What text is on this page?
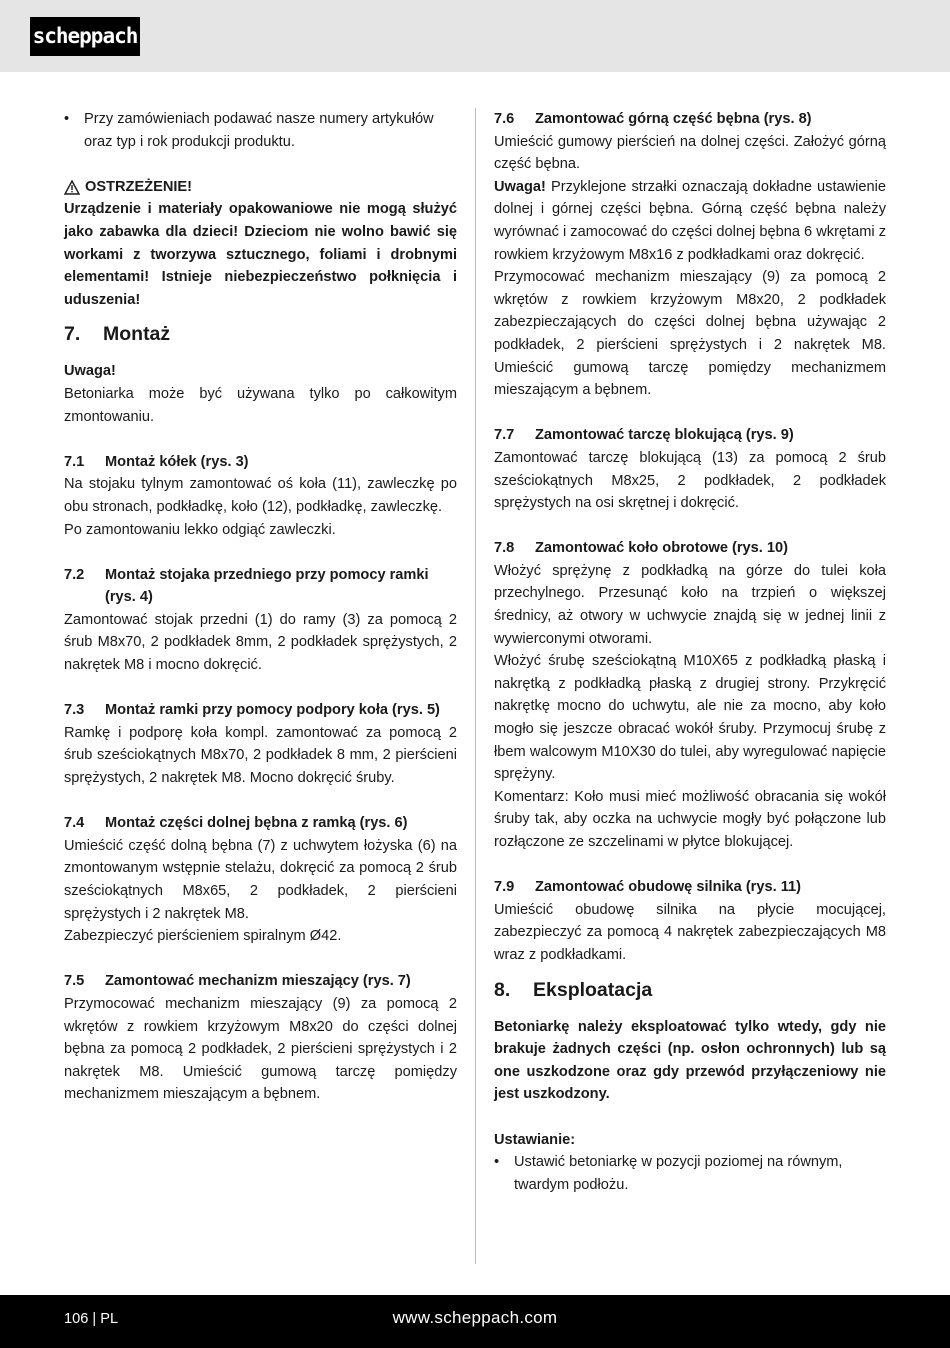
scheppach

• Przy zamówieniach podawać nasze numery artykułów oraz typ i rok produkcji produktu.

OSTRZEŻENIE!

Urządzenie i materiały opakowaniowe nie mogą służyć jako zabawka dla dzieci! Dzieciom nie wolno bawić się workami z tworzywa sztucznego, foliami i drobnymi elementami! Istnieje niebezpieczeństwo połknięcia i uduszenia!

7.	Montaż

Uwaga!

Betoniarka może być używana tylko po całkowitym zmontowaniu.

7.1	Montaż kółek (rys. 3)

Na stojaku tylnym zamontować oś koła (11), zawleczkę po obu stronach, podkładkę, koło (12), podkładkę, zawleczkę.

Po zamontowaniu lekko odgiąć zawleczki.

7.2	Montaż stojaka przedniego przy pomocy ramki (rys. 4)

Zamontować stojak przedni (1) do ramy (3) za pomocą 2 śrub M8x70, 2 podkładek 8mm, 2 podkładek sprężystych, 2 nakrętek M8 i mocno dokręcić.

7.3	Montaż ramki przy pomocy podpory koła (rys. 5)

Ramkę i podporę koła kompl. zamontować za pomocą 2 śrub sześciokątnych M8x70, 2 podkładek 8 mm, 2 pierścieni sprężystych, 2 nakrętek M8. Mocno dokręcić śruby.

7.4	Montaż części dolnej bębna z ramką (rys. 6)

Umieścić część dolną bębna (7) z uchwytem łożyska (6) na zmontowanym wstępnie stelażu, dokręcić za pomocą 2 śrub sześciokątnych M8x65, 2 podkładek, 2 pierścieni sprężystych i 2 nakrętek M8.

Zabezpieczyć pierścieniem spiralnym Ø42.

7.5	Zamontować mechanizm mieszający (rys. 7)

Przymocować mechanizm mieszający (9) za pomocą 2 wkrętów z rowkiem krzyżowym M8x20 do części dolnej bębna za pomocą 2 podkładek, 2 pierścieni sprężystych i 2 nakrętek M8. Umieścić gumową tarczę pomiędzy mechanizmem mieszającym a bębnem.

7.6	Zamontować górną część bębna (rys. 8)

Umieścić gumowy pierścień na dolnej części. Założyć górną część bębna.

Uwaga! Przyklejone strzałki oznaczają dokładne ustawienie dolnej i górnej części bębna. Górną część bębna należy wyrównać i zamocować do części dolnej bębna 6 wkrętami z rowkiem krzyżowym M8x16 z podkładkami oraz dokręcić.

Przymocować mechanizm mieszający (9) za pomocą 2 wkrętów z rowkiem krzyżowym M8x20, 2 podkładek zabezpieczających do części dolnej bębna używając 2 podkładek, 2 pierścieni sprężystych i 2 nakrętek M8. Umieścić gumową tarczę pomiędzy mechanizmem mieszającym a bębnem.

7.7	Zamontować tarczę blokującą (rys. 9)

Zamontować tarczę blokującą (13) za pomocą 2 śrub sześciokątnych M8x25, 2 podkładek, 2 podkładek sprężystych na osi skrętnej i dokręcić.

7.8	Zamontować koło obrotowe (rys. 10)

Włożyć sprężynę z podkładką na górze do tulei koła przechylnego. Przesunąć koło na trzpień o większej średnicy, aż otwory w uchwycie znajdą się w jednej linii z wywierconymi otworami.

Włożyć śrubę sześciokątną M10X65 z podkładką płaską i nakrętką z podkładką płaską z drugiej strony. Przykręcić nakrętkę mocno do uchwytu, ale nie za mocno, aby koło mogło się jeszcze obracać wokół śruby. Przymocuj śrubę z łbem walcowym M10X30 do tulei, aby wyregulować napięcie sprężyny.

Komentarz: Koło musi mieć możliwość obracania się wokół śruby tak, aby oczka na uchwycie mogły być połączone lub rozłączone ze szczelinami w płytce blokującej.

7.9	Zamontować obudowę silnika (rys. 11)

Umieścić obudowę silnika na płycie mocującej, zabezpieczyć za pomocą 4 nakrętek zabezpieczających M8 wraz z podkładkami.

8.	Eksploatacja

Betoniarkę należy eksploatować tylko wtedy, gdy nie brakuje żadnych części (np. osłon ochronnych) lub są one uszkodzone oraz gdy przewód przyłączeniowy nie jest uszkodzony.

Ustawianie:

• Ustawić betoniarkę w pozycji poziomej na równym, twardym podłożu.

106 | PL	www.scheppach.com
